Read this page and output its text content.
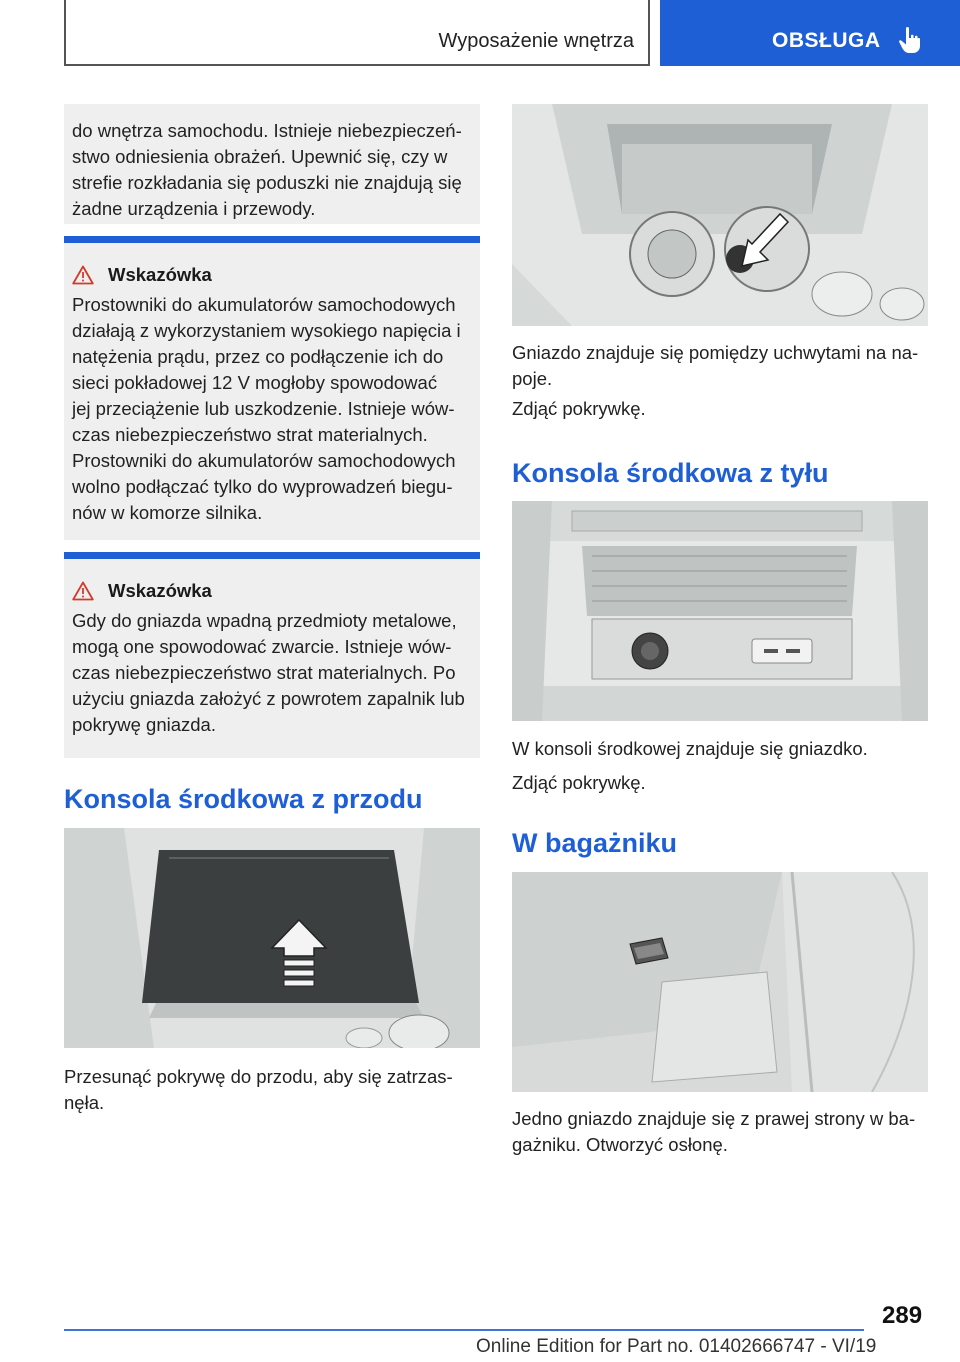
Wyposażenie wnętrza	OBSŁUGA

do wnętrza samochodu. Istnieje niebezpieczeń‐

stwo odniesienia obrażeń. Upewnić się, czy w

strefie rozkładania się poduszki nie znajdują się

żadne urządzenia i przewody.

Wskazówka

Prostowniki do akumulatorów samochodowych

działają z wykorzystaniem wysokiego napięcia i

natężenia prądu, przez co podłączenie ich do

sieci pokładowej 12 V mogłoby spowodować

jej przeciążenie lub uszkodzenie. Istnieje wów‐

czas niebezpieczeństwo strat materialnych.

Prostowniki do akumulatorów samochodowych

wolno podłączać tylko do wyprowadzeń biegu‐

nów w komorze silnika.

Wskazówka

Gdy do gniazda wpadną przedmioty metalowe,

mogą one spowodować zwarcie. Istnieje wów‐

czas niebezpieczeństwo strat materialnych. Po

użyciu gniazda założyć z powrotem zapalnik lub

pokrywę gniazda.

Konsola środkowa z przodu
Przesunąć pokrywę do przodu, aby się zatrzas‐
nęła.
Gniazdo znajduje się pomiędzy uchwytami na na‐
poje.
Zdjąć pokrywkę.
Konsola środkowa z tyłu
W konsoli środkowej znajduje się gniazdko.
Zdjąć pokrywkę.
W bagażniku
Jedno gniazdo znajduje się z prawej strony w ba‐
gażniku. Otworzyć osłonę.
289
Online Edition for Part no. 01402666747 - VI/19
